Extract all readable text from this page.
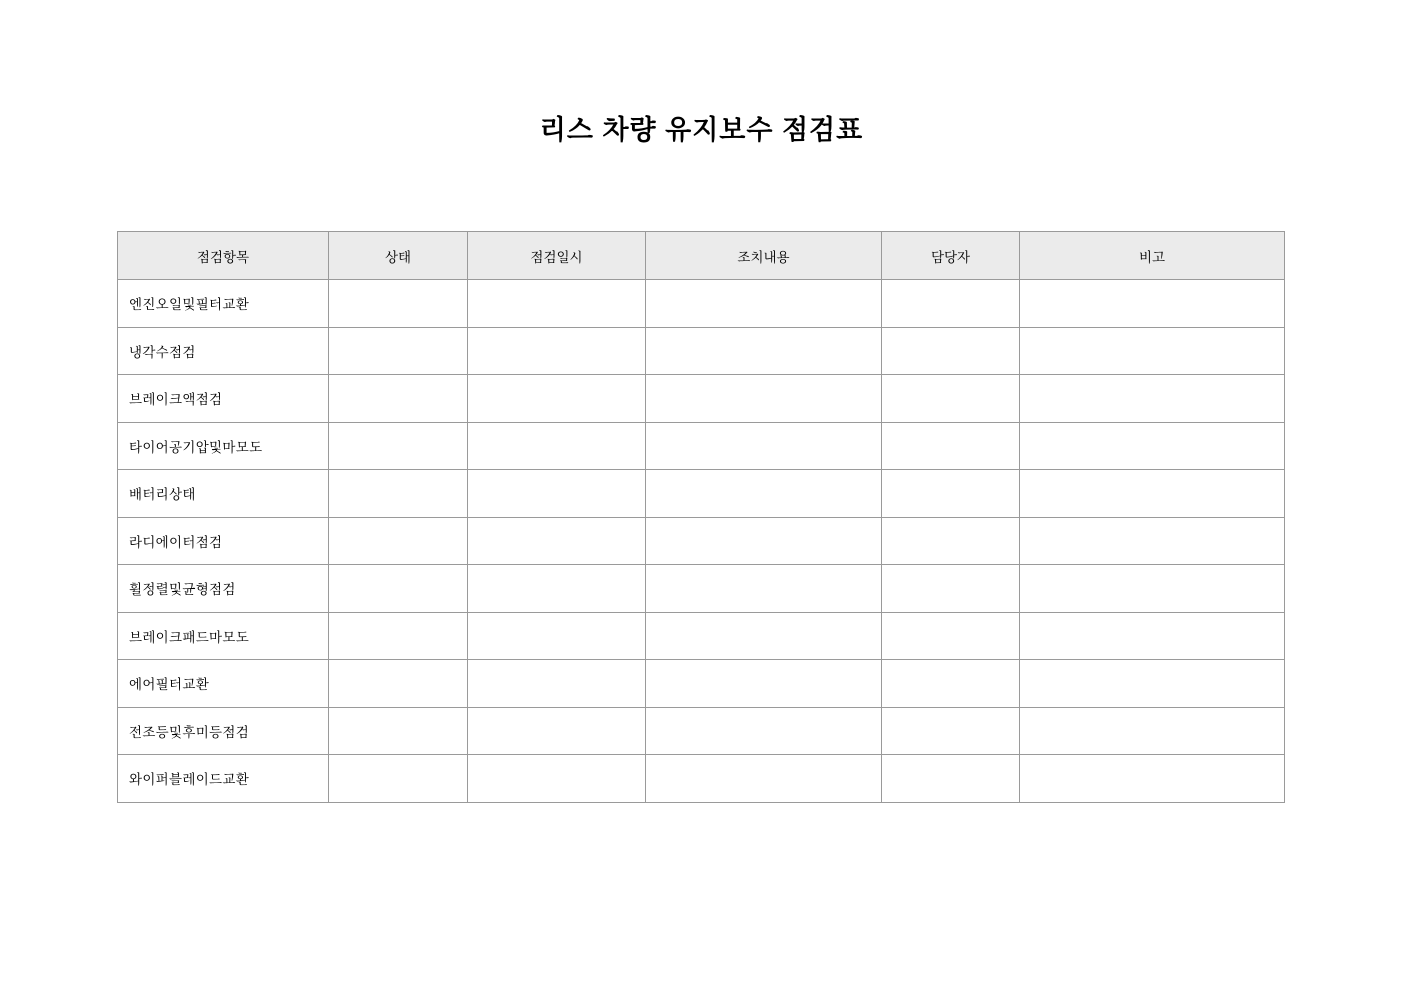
리스 차량 유지보수 점검표
점검항목	상태	점검일시	조치내용	담당자	비고
엔진오일및필터교환					
냉각수점검					
브레이크액점검					
타이어공기압및마모도					
배터리상태					
라디에이터점검					
휠정렬및균형점검					
브레이크패드마모도					
에어필터교환					
전조등및후미등점검					
와이퍼블레이드교환					
